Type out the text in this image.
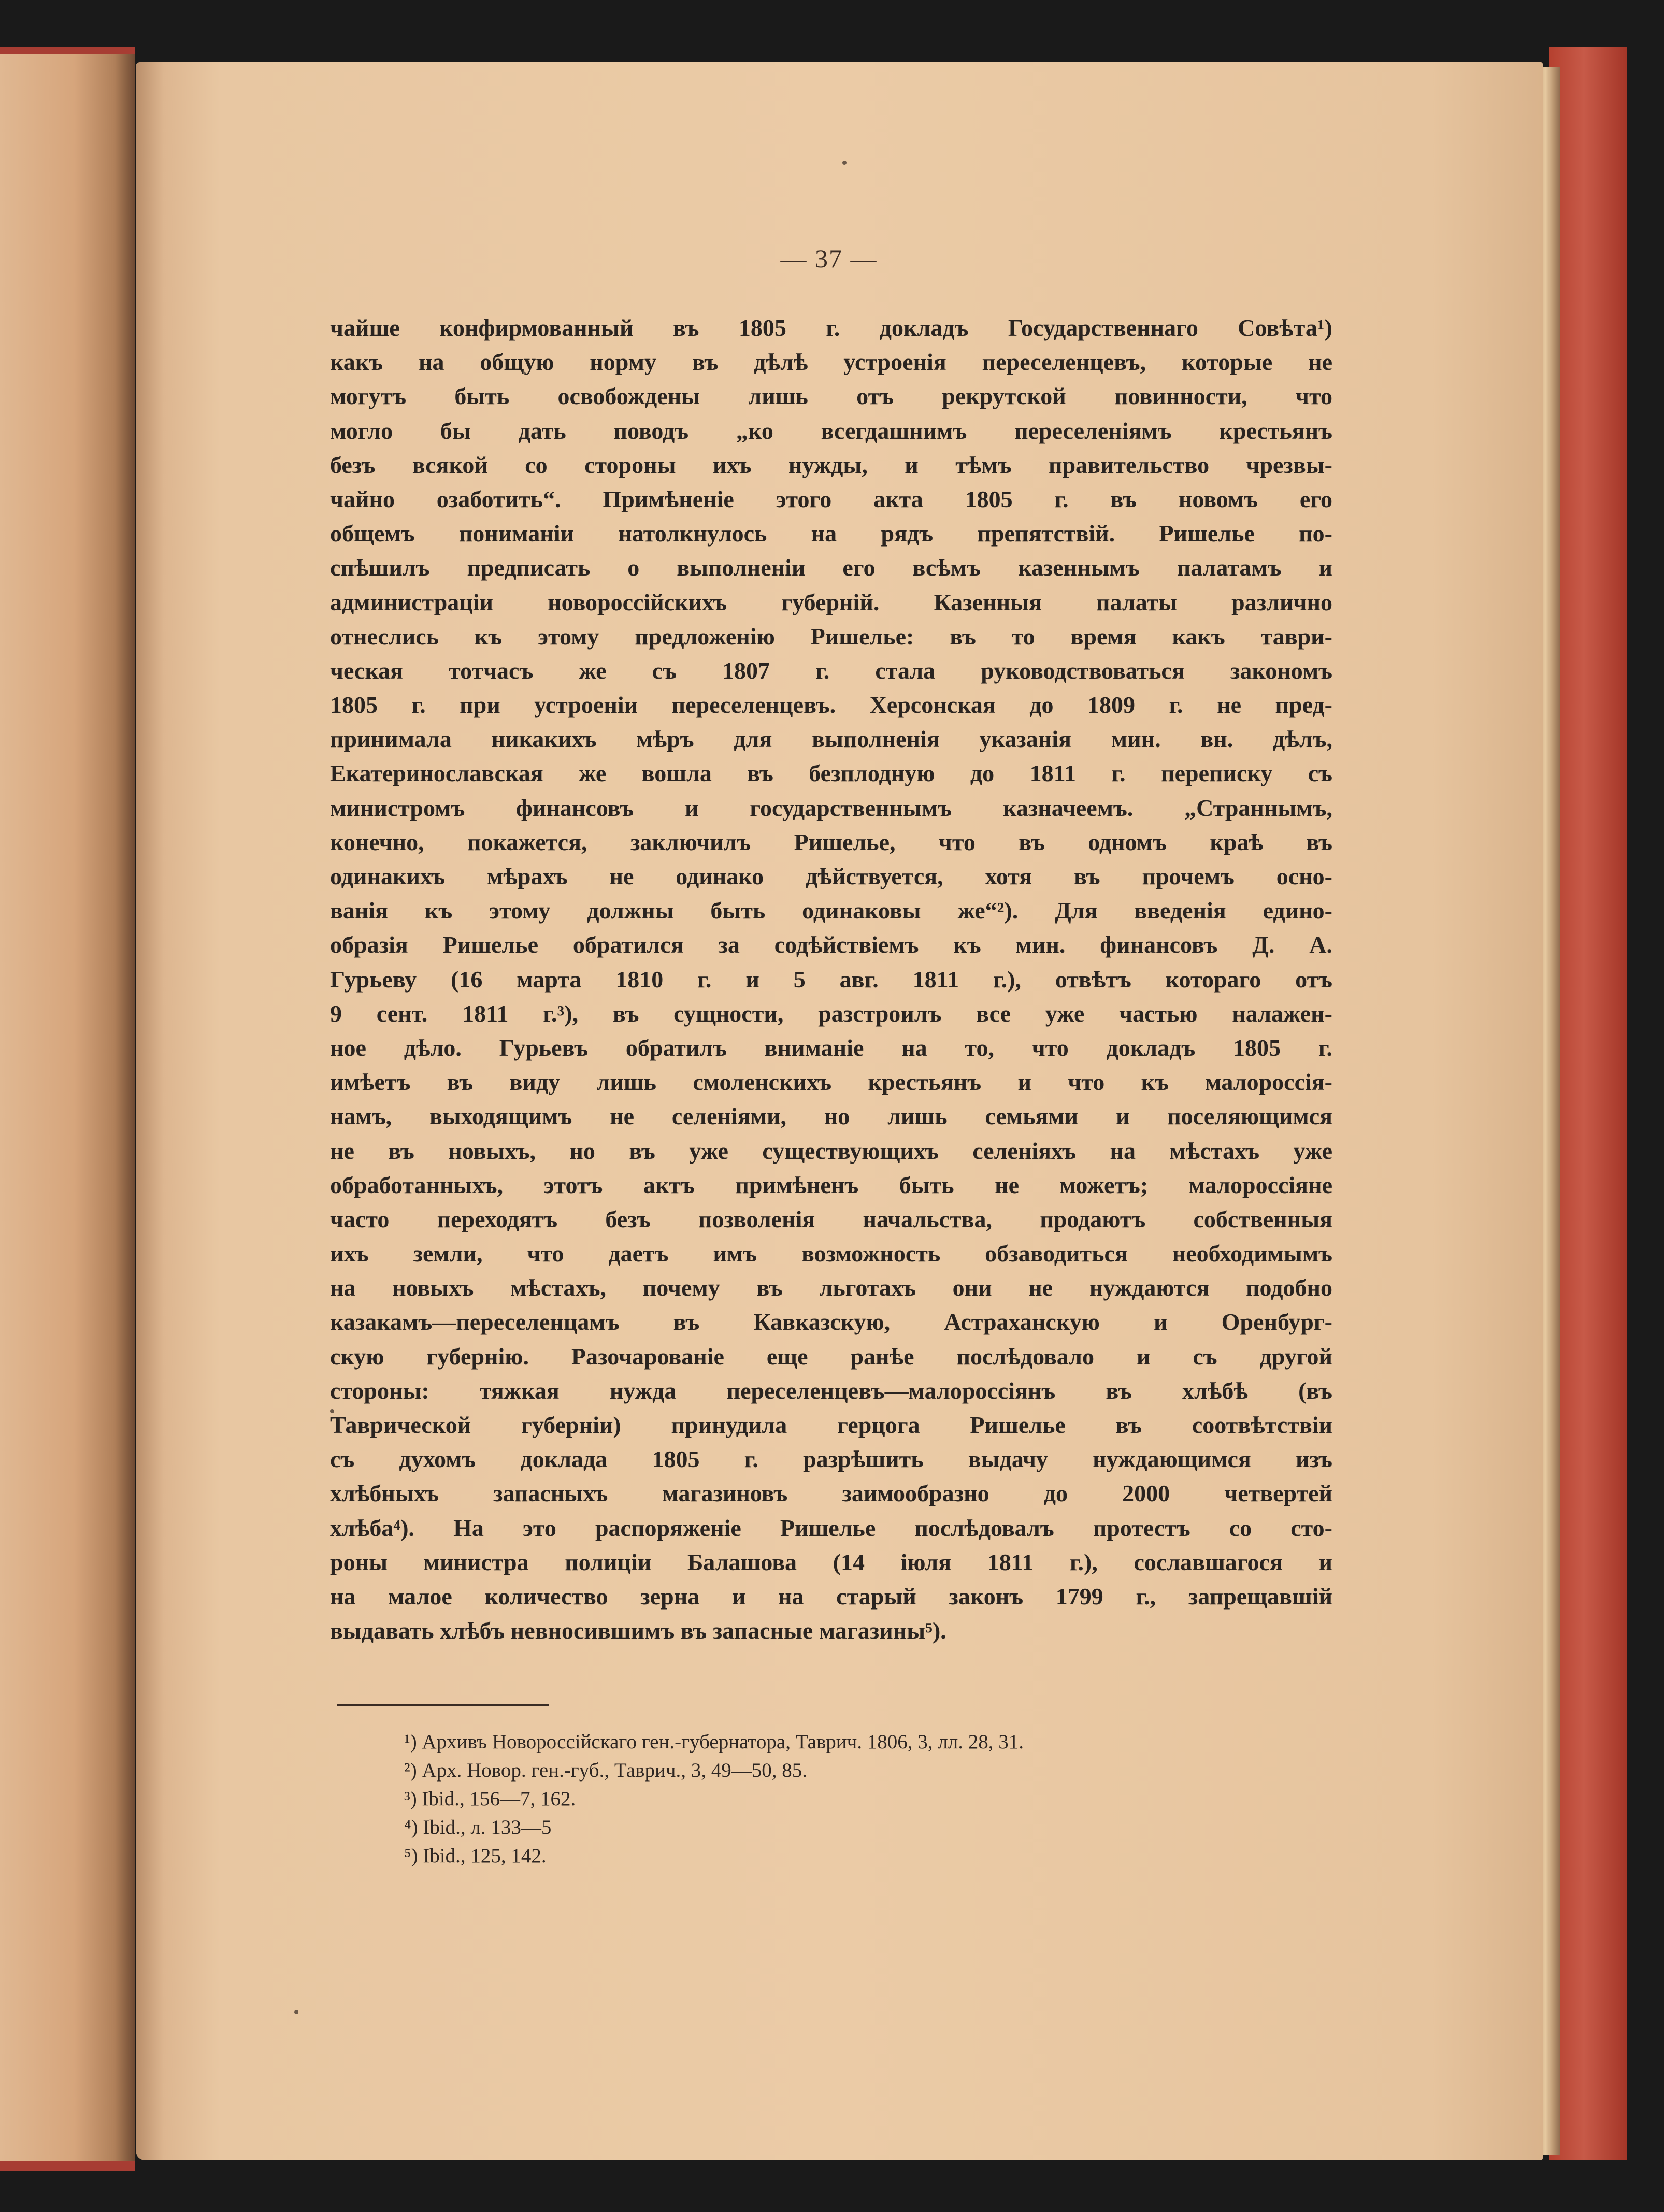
— 37 —
чайше конфирмованный въ 1805 г. докладъ Государственнаго Совѣта¹)
какъ на общую норму въ дѣлѣ устроенія переселенцевъ, которые не
могутъ быть освобождены лишь отъ рекрутской повинности, что
могло бы дать поводъ „ко всегдашнимъ переселеніямъ крестьянъ
безъ всякой со стороны ихъ нужды, и тѣмъ правительство чрезвы-
чайно озаботить“. Примѣненіе этого акта 1805 г. въ новомъ его
общемъ пониманіи натолкнулось на рядъ препятствій. Ришелье по-
спѣшилъ предписать о выполненіи его всѣмъ казеннымъ палатамъ и
администраціи новороссійскихъ губерній. Казенныя палаты различно
отнеслись къ этому предложенію Ришелье: въ то время какъ таври-
ческая тотчасъ же съ 1807 г. стала руководствоваться закономъ
1805 г. при устроеніи переселенцевъ. Херсонская до 1809 г. не пред-
принимала никакихъ мѣръ для выполненія указанія мин. вн. дѣлъ,
Екатеринославская же вошла въ безплодную до 1811 г. переписку съ
министромъ финансовъ и государственнымъ казначеемъ. „Страннымъ,
конечно, покажется, заключилъ Ришелье, что въ одномъ краѣ въ
одинакихъ мѣрахъ не одинако дѣйствуется, хотя въ прочемъ осно-
ванія къ этому должны быть одинаковы же“²). Для введенія едино-
образія Ришелье обратился за содѣйствіемъ къ мин. финансовъ Д. А.
Гурьеву (16 марта 1810 г. и 5 авг. 1811 г.), отвѣтъ котораго отъ
9 сент. 1811 г.³), въ сущности, разстроилъ все уже частью налажен-
ное дѣло. Гурьевъ обратилъ вниманіе на то, что докладъ 1805 г.
имѣетъ въ виду лишь смоленскихъ крестьянъ и что къ малороссія-
намъ, выходящимъ не селеніями, но лишь семьями и поселяющимся
не въ новыхъ, но въ уже существующихъ селеніяхъ на мѣстахъ уже
обработанныхъ, этотъ актъ примѣненъ быть не можетъ; малороссіяне
часто переходятъ безъ позволенія начальства, продаютъ собственныя
ихъ земли, что даетъ имъ возможность обзаводиться необходимымъ
на новыхъ мѣстахъ, почему въ льготахъ они не нуждаются подобно
казакамъ—переселенцамъ въ Кавказскую, Астраханскую и Оренбург-
скую губернію. Разочарованіе еще ранѣе послѣдовало и съ другой
стороны: тяжкая нужда переселенцевъ—малороссіянъ въ хлѣбѣ (въ
Таврической губерніи) принудила герцога Ришелье въ соотвѣтствіи
съ духомъ доклада 1805 г. разрѣшить выдачу нуждающимся изъ
хлѣбныхъ запасныхъ магазиновъ заимообразно до 2000 четвертей
хлѣба⁴). На это распоряженіе Ришелье послѣдовалъ протестъ со сто-
роны министра полиціи Балашова (14 іюля 1811 г.), сославшагося и
на малое количество зерна и на старый законъ 1799 г., запрещавшій
выдавать хлѣбъ невносившимъ въ запасные магазины⁵).
¹) Архивъ Новороссійскаго ген.-губернатора, Таврич. 1806, 3, лл. 28, 31.
²) Арх. Новор. ген.-губ., Таврич., 3, 49—50, 85.
³) Ibid., 156—7, 162.
⁴) Ibid., л. 133—5
⁵) Ibid., 125, 142.
